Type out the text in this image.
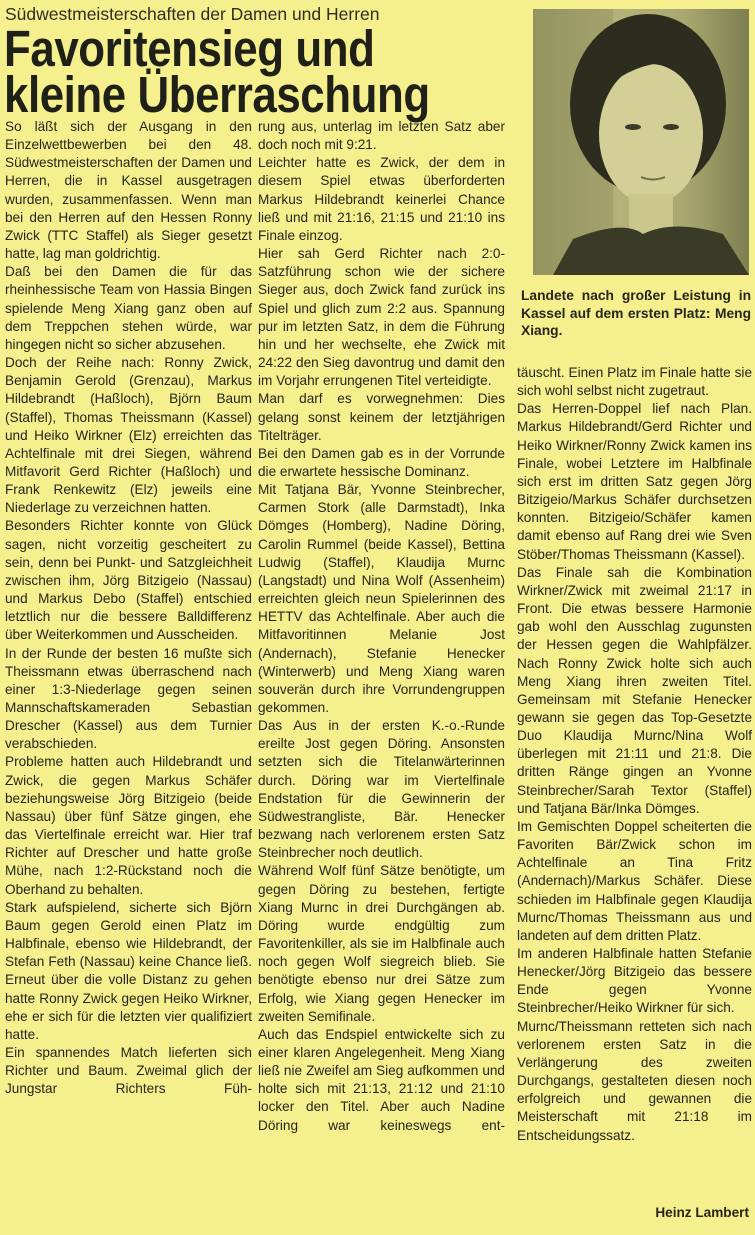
Südwestmeisterschaften der Damen und Herren
Favoritensieg und
kleine Überraschung

So läßt sich der Ausgang in den Einzelwettbewerben bei den 48. Südwestmeisterschaften der Damen und Herren, die in Kassel ausgetragen wurden, zusammenfassen. Wenn man bei den Herren auf den Hessen Ronny Zwick (TTC Staffel) als Sieger gesetzt hatte, lag man goldrichtig.

Daß bei den Damen die für das rheinhessische Team von Hassia Bingen spielende Meng Xiang ganz oben auf dem Treppchen stehen würde, war hingegen nicht so sicher abzusehen.

Doch der Reihe nach: Ronny Zwick, Benjamin Gerold (Grenzau), Markus Hildebrandt (Haßloch), Björn Baum (Staffel), Thomas Theissmann (Kassel) und Heiko Wirkner (Elz) erreichten das Achtelfinale mit drei Siegen, während Mitfavorit Gerd Richter (Haßloch) und Frank Renkewitz (Elz) jeweils eine Niederlage zu verzeichnen hatten.

Besonders Richter konnte von Glück sagen, nicht vorzeitig gescheitert zu sein, denn bei Punkt- und Satzgleichheit zwischen ihm, Jörg Bitzigeio (Nassau) und Markus Debo (Staffel) entschied letztlich nur die bessere Balldifferenz über Weiterkommen und Ausscheiden.

In der Runde der besten 16 mußte sich Theissmann etwas überraschend nach einer 1:3-Niederlage gegen seinen Mannschaftskameraden Sebastian Drescher (Kassel) aus dem Turnier verabschieden.

Probleme hatten auch Hildebrandt und Zwick, die gegen Markus Schäfer beziehungsweise Jörg Bitzigeio (beide Nassau) über fünf Sätze gingen, ehe das Viertelfinale erreicht war. Hier traf Richter auf Drescher und hatte große Mühe, nach 1:2-Rückstand noch die Oberhand zu behalten.

Stark aufspielend, sicherte sich Björn Baum gegen Gerold einen Platz im Halbfinale, ebenso wie Hildebrandt, der Stefan Feth (Nassau) keine Chance ließ. Erneut über die volle Distanz zu gehen hatte Ronny Zwick gegen Heiko Wirkner, ehe er sich für die letzten vier qualifiziert hatte.

Ein spannendes Match lieferten sich Richter und Baum. Zweimal glich der Jungstar Richters Füh-

rung aus, unterlag im letzten Satz aber doch noch mit 9:21.

Leichter hatte es Zwick, der dem in diesem Spiel etwas überforderten Markus Hildebrandt keinerlei Chance ließ und mit 21:16, 21:15 und 21:10 ins Finale einzog.

Hier sah Gerd Richter nach 2:0-Satzführung schon wie der sichere Sieger aus, doch Zwick fand zurück ins Spiel und glich zum 2:2 aus. Spannung pur im letzten Satz, in dem die Führung hin und her wechselte, ehe Zwick mit 24:22 den Sieg davontrug und damit den im Vorjahr errungenen Titel verteidigte.

Man darf es vorwegnehmen: Dies gelang sonst keinem der letztjährigen Titelträger.

Bei den Damen gab es in der Vorrunde die erwartete hessische Dominanz.

Mit Tatjana Bär, Yvonne Steinbrecher, Carmen Stork (alle Darmstadt), Inka Dömges (Homberg), Nadine Döring, Carolin Rummel (beide Kassel), Bettina Ludwig (Staffel), Klaudija Murnc (Langstadt) und Nina Wolf (Assenheim) erreichten gleich neun Spielerinnen des HETTV das Achtelfinale. Aber auch die Mitfavoritinnen Melanie Jost (Andernach), Stefanie Henecker (Winterwerb) und Meng Xiang waren souverän durch ihre Vorrundengruppen gekommen.

Das Aus in der ersten K.-o.-Runde ereilte Jost gegen Döring. Ansonsten setzten sich die Titelanwärterinnen durch. Döring war im Viertelfinale Endstation für die Gewinnerin der Südwestrangliste, Bär. Henecker bezwang nach verlorenem ersten Satz Steinbrecher noch deutlich.

Während Wolf fünf Sätze benötigte, um gegen Döring zu bestehen, fertigte Xiang Murnc in drei Durchgängen ab. Döring wurde endgültig zum Favoritenkiller, als sie im Halbfinale auch noch gegen Wolf siegreich blieb. Sie benötigte ebenso nur drei Sätze zum Erfolg, wie Xiang gegen Henecker im zweiten Semifinale.

Auch das Endspiel entwickelte sich zu einer klaren Angelegenheit. Meng Xiang ließ nie Zweifel am Sieg aufkommen und holte sich mit 21:13, 21:12 und 21:10 locker den Titel. Aber auch Nadine Döring war keineswegs ent-

täuscht. Einen Platz im Finale hatte sie sich wohl selbst nicht zugetraut.

Das Herren-Doppel lief nach Plan. Markus Hildebrandt/Gerd Richter und Heiko Wirkner/Ronny Zwick kamen ins Finale, wobei Letztere im Halbfinale sich erst im dritten Satz gegen Jörg Bitzigeio/Markus Schäfer durchsetzen konnten. Bitzigeio/Schäfer kamen damit ebenso auf Rang drei wie Sven Stöber/Thomas Theissmann (Kassel).

Das Finale sah die Kombination Wirkner/Zwick mit zweimal 21:17 in Front. Die etwas bessere Harmonie gab wohl den Ausschlag zugunsten der Hessen gegen die Wahlpfälzer. Nach Ronny Zwick holte sich auch Meng Xiang ihren zweiten Titel. Gemeinsam mit Stefanie Henecker gewann sie gegen das Top-Gesetzte Duo Klaudija Murnc/Nina Wolf überlegen mit 21:11 und 21:8. Die dritten Ränge gingen an Yvonne Steinbrecher/Sarah Textor (Staffel) und Tatjana Bär/Inka Dömges.

Im Gemischten Doppel scheiterten die Favoriten Bär/Zwick schon im Achtelfinale an Tina Fritz (Andernach)/Markus Schäfer. Diese schieden im Halbfinale gegen Klaudija Murnc/Thomas Theissmann aus und landeten auf dem dritten Platz.

Im anderen Halbfinale hatten Stefanie Henecker/Jörg Bitzigeio das bessere Ende gegen Yvonne Steinbrecher/Heiko Wirkner für sich.

Murnc/Theissmann retteten sich nach verlorenem ersten Satz in die Verlängerung des zweiten Durchgangs, gestalteten diesen noch erfolgreich und gewannen die Meisterschaft mit 21:18 im Entscheidungssatz.

Landete nach großer Leistung in Kassel auf dem ersten Platz: Meng Xiang.
Heinz Lambert
